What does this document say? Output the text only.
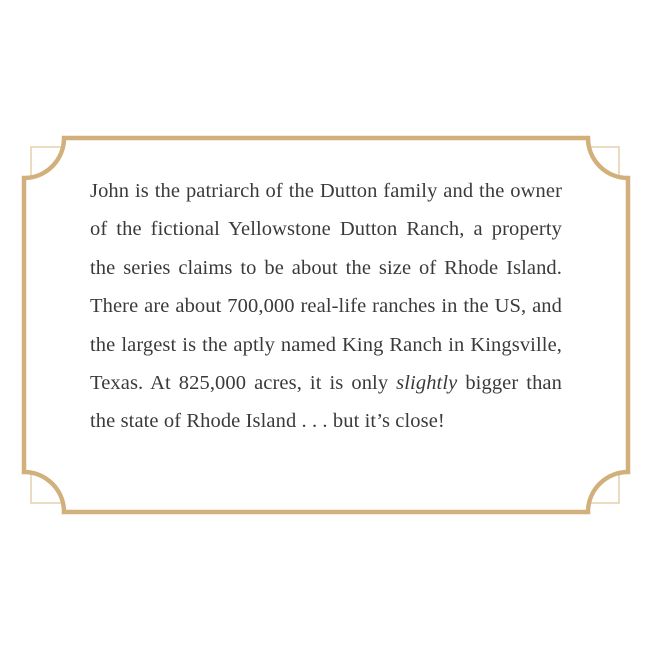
John is the patriarch of the Dutton family and the owner of the fictional Yellowstone Dutton Ranch, a property the series claims to be about the size of Rhode Island. There are about 700,000 real-life ranches in the US, and the largest is the aptly named King Ranch in Kingsville, Texas. At 825,000 acres, it is only slightly bigger than the state of Rhode Island . . . but it’s close!
